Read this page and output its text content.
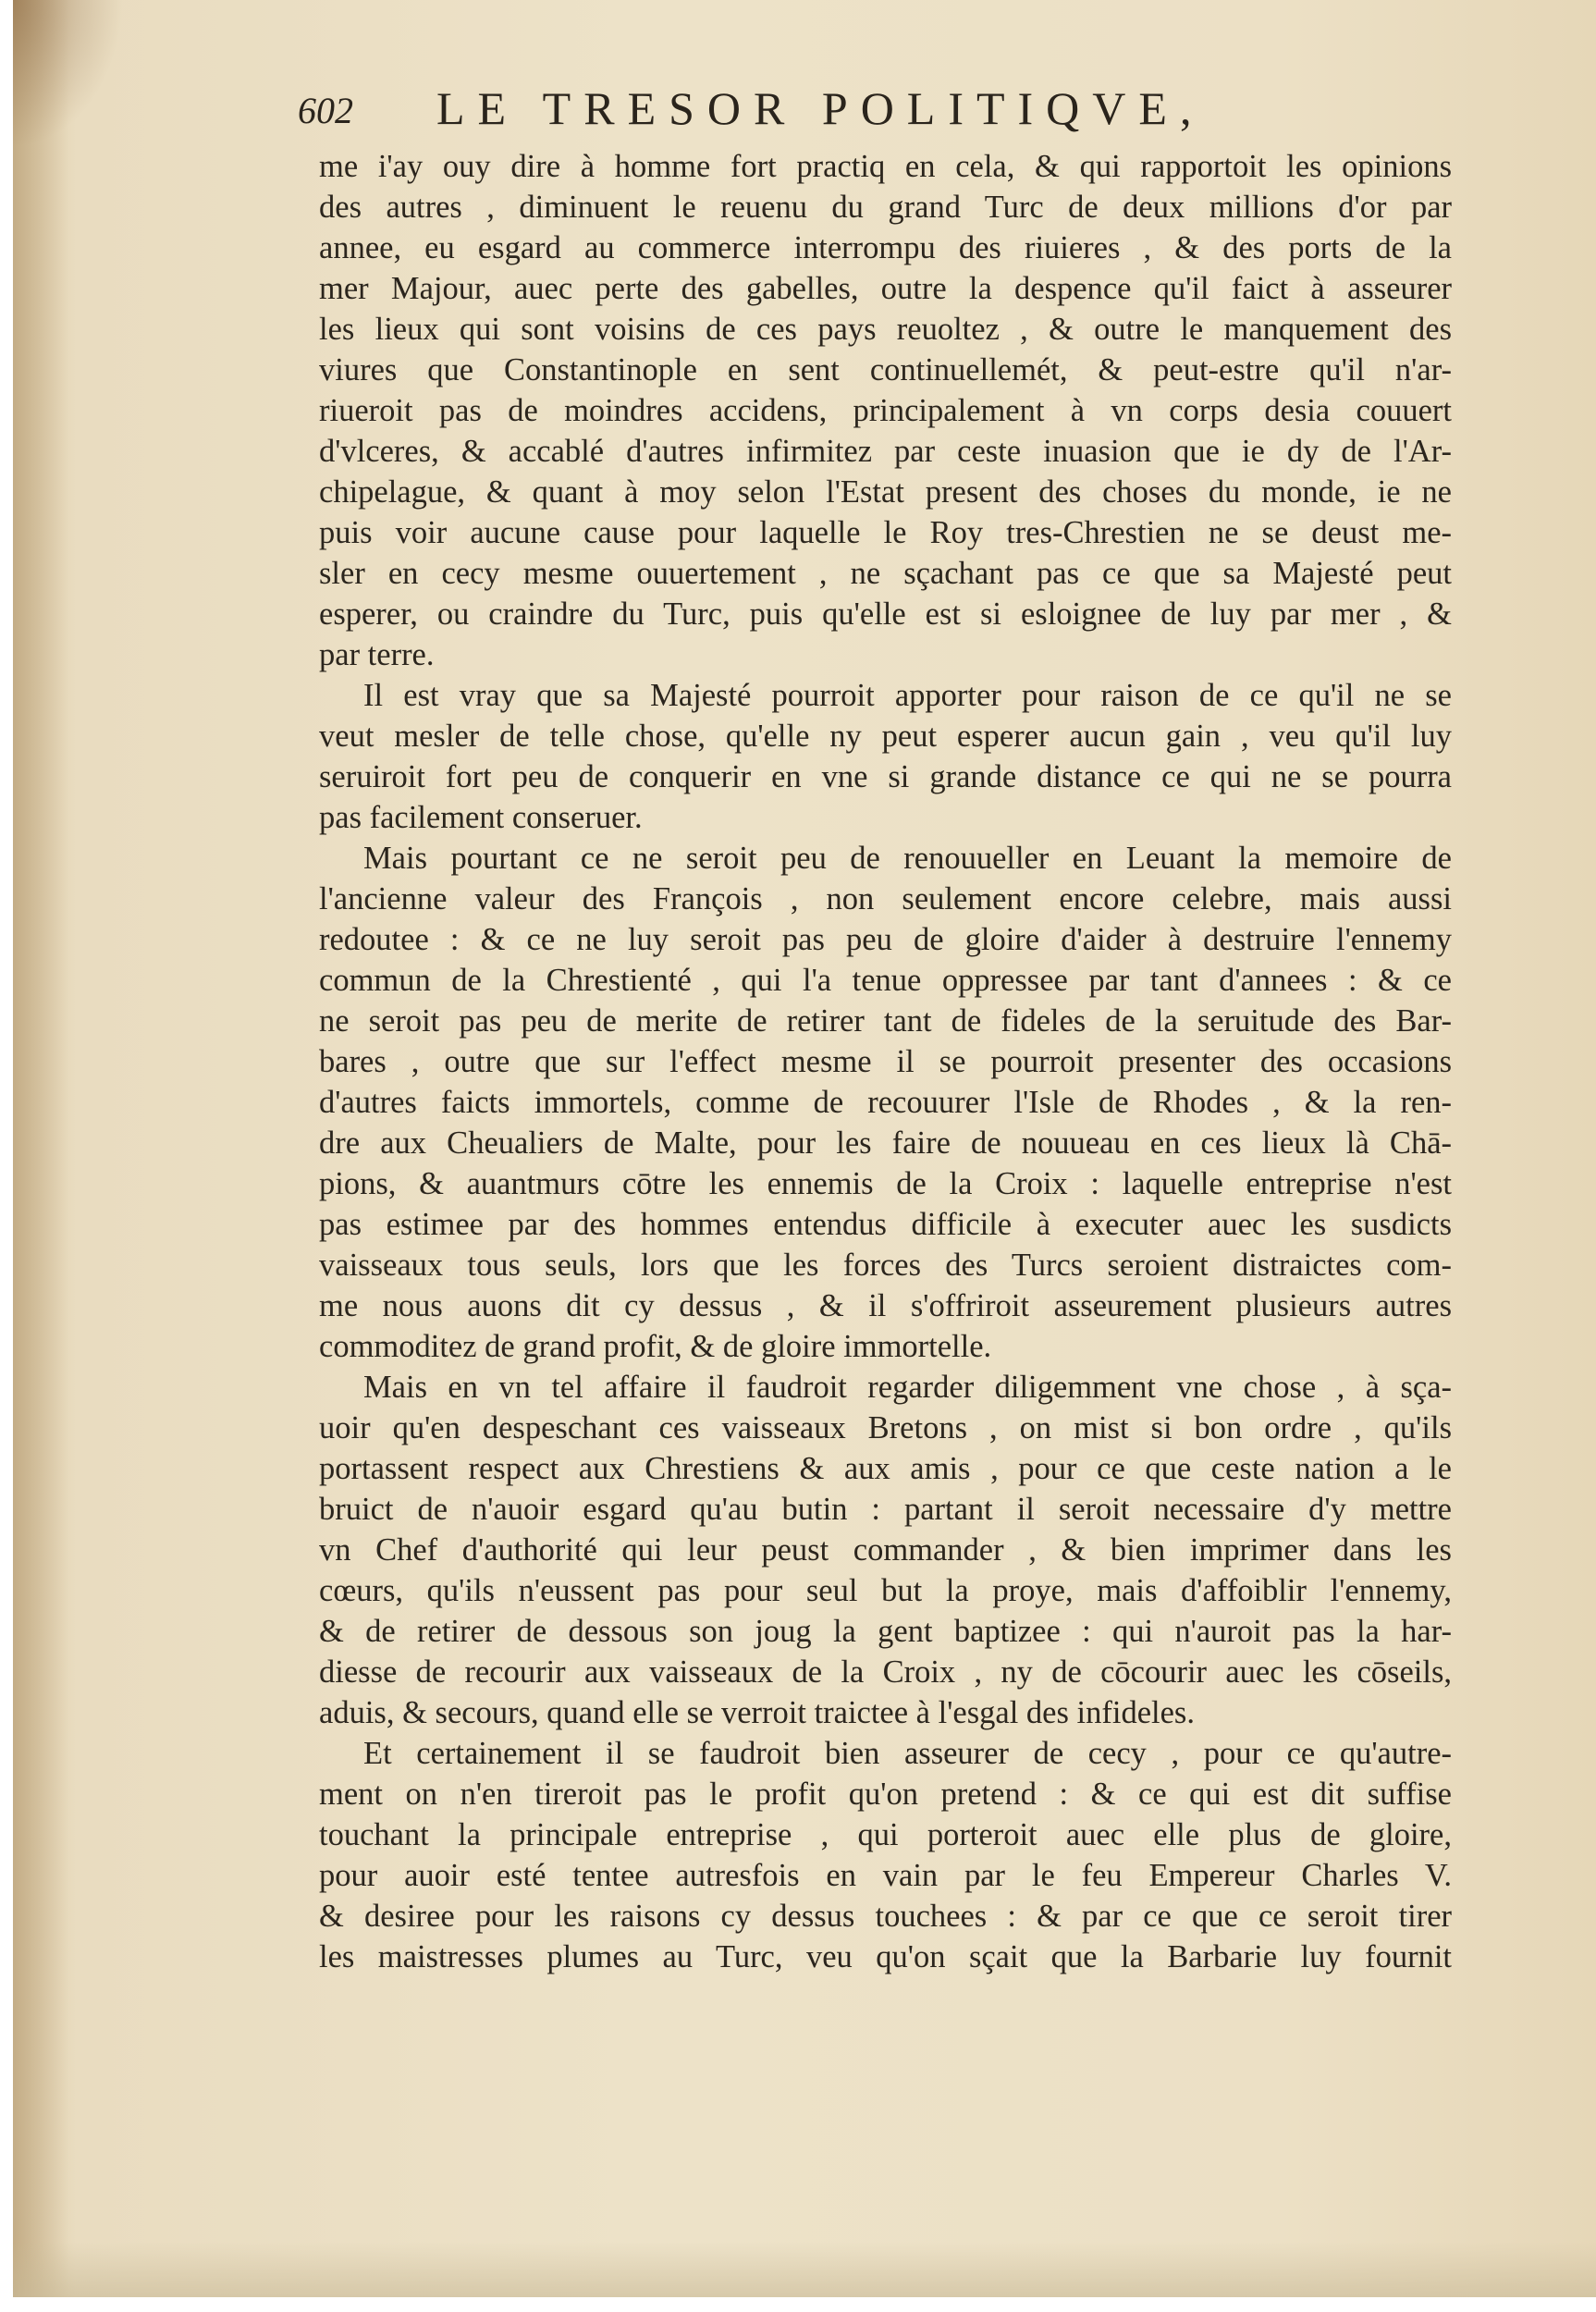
602 LE TRESOR POLITIQVE,
me i'ay ouy dire à homme fort practiq en cela, & qui rapportoit les opinions
des autres , diminuent le reuenu du grand Turc de deux millions d'or par
annee, eu esgard au commerce interrompu des riuieres , & des ports de la
mer Majour, auec perte des gabelles, outre la despence qu'il faict à asseurer
les lieux qui sont voisins de ces pays reuoltez , & outre le manquement des
viures que Constantinople en sent continuellemét, & peut-estre qu'il n'ar-
riueroit pas de moindres accidens, principalement à vn corps desia couuert
d'vlceres, & accablé d'autres infirmitez par ceste inuasion que ie dy de l'Ar-
chipelague, & quant à moy selon l'Estat present des choses du monde, ie ne
puis voir aucune cause pour laquelle le Roy tres-Chrestien ne se deust me-
sler en cecy mesme ouuertement , ne sçachant pas ce que sa Majesté peut
esperer, ou craindre du Turc, puis qu'elle est si esloignee de luy par mer , &
par terre.
Il est vray que sa Majesté pourroit apporter pour raison de ce qu'il ne se
veut mesler de telle chose, qu'elle ny peut esperer aucun gain , veu qu'il luy
seruiroit fort peu de conquerir en vne si grande distance ce qui ne se pourra
pas facilement conseruer.
Mais pourtant ce ne seroit peu de renouueller en Leuant la memoire de
l'ancienne valeur des François , non seulement encore celebre, mais aussi
redoutee : & ce ne luy seroit pas peu de gloire d'aider à destruire l'ennemy
commun de la Chrestienté , qui l'a tenue oppressee par tant d'annees : & ce
ne seroit pas peu de merite de retirer tant de fideles de la seruitude des Bar-
bares , outre que sur l'effect mesme il se pourroit presenter des occasions
d'autres faicts immortels, comme de recouurer l'Isle de Rhodes , & la ren-
dre aux Cheualiers de Malte, pour les faire de nouueau en ces lieux là Chā-
pions, & auantmurs cōtre les ennemis de la Croix : laquelle entreprise n'est
pas estimee par des hommes entendus difficile à executer auec les susdicts
vaisseaux tous seuls, lors que les forces des Turcs seroient distraictes com-
me nous auons dit cy dessus , & il s'offriroit asseurement plusieurs autres
commoditez de grand profit, & de gloire immortelle.
Mais en vn tel affaire il faudroit regarder diligemment vne chose , à sça-
uoir qu'en despeschant ces vaisseaux Bretons , on mist si bon ordre , qu'ils
portassent respect aux Chrestiens & aux amis , pour ce que ceste nation a le
bruict de n'auoir esgard qu'au butin : partant il seroit necessaire d'y mettre
vn Chef d'authorité qui leur peust commander , & bien imprimer dans les
cœurs, qu'ils n'eussent pas pour seul but la proye, mais d'affoiblir l'ennemy,
& de retirer de dessous son joug la gent baptizee : qui n'auroit pas la har-
diesse de recourir aux vaisseaux de la Croix , ny de cōcourir auec les cōseils,
aduis, & secours, quand elle se verroit traictee à l'esgal des infideles.
Et certainement il se faudroit bien asseurer de cecy , pour ce qu'autre-
ment on n'en tireroit pas le profit qu'on pretend : & ce qui est dit suffise
touchant la principale entreprise , qui porteroit auec elle plus de gloire,
pour auoir esté tentee autresfois en vain par le feu Empereur Charles V.
& desiree pour les raisons cy dessus touchees : & par ce que ce seroit tirer
les maistresses plumes au Turc, veu qu'on sçait que la Barbarie luy fournit
